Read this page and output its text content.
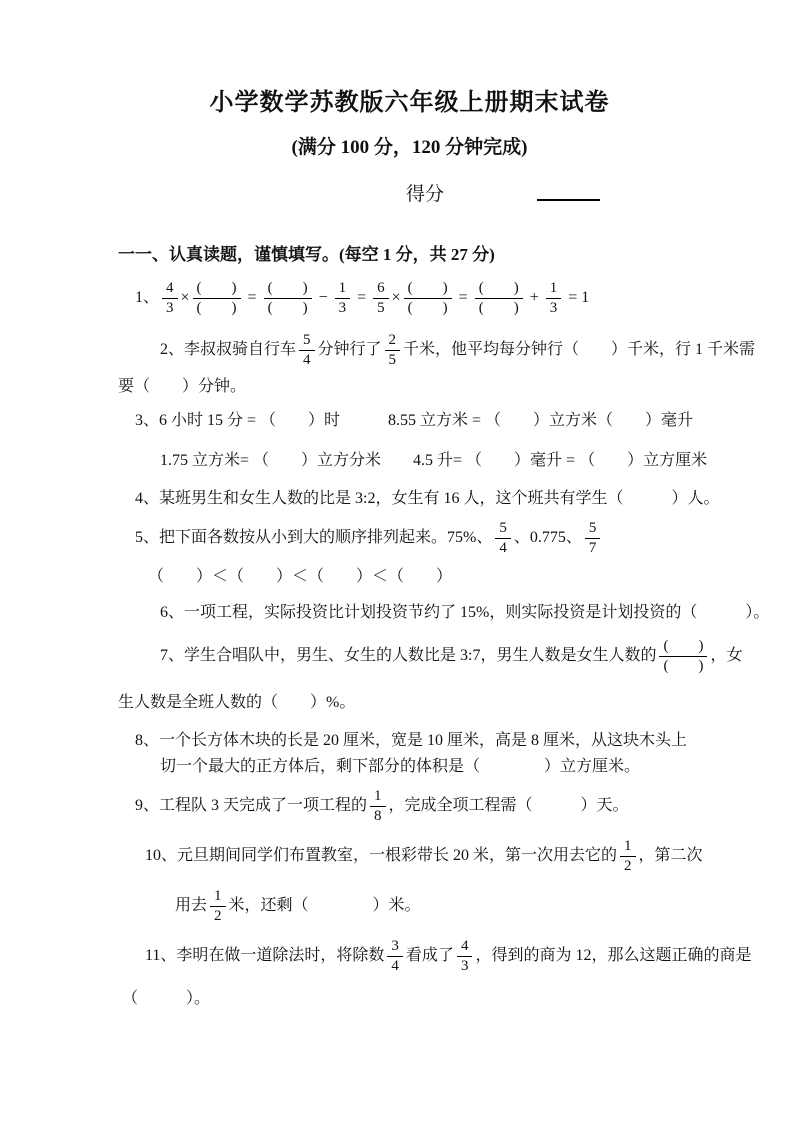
小学数学苏教版六年级上册期末试卷
(满分 100 分，120 分钟完成)
得分
一一、认真读题，谨慎填写。(每空 1 分，共 27 分)
1、 $\frac{4}{3} \times \frac{( )}{( )} = \frac{( )}{( )} - \frac{1}{3} = \frac{6}{5} \times \frac{( )}{( )} = \frac{( )}{( )} + \frac{1}{3} = 1$
2、李叔叔骑自行车 $\frac{5}{4}$ 分钟行了 $\frac{2}{5}$ 千米，他平均每分钟行（　　）千米，行 1 千米需
要（　　）分钟。
3、6 小时 15 分 = （　　）时　　　8.55 立方米 = （　　）立方米（　　）毫升
1.75 立方米= （　　）立方分米　　4.5 升= （　　）毫升 = （　　）立方厘米
4、某班男生和女生人数的比是 3:2，女生有 16 人，这个班共有学生（　　　）人。
5、把下面各数按从小到大的顺序排列起来。75%、 $\frac{5}{4}$ 、0.775、 $\frac{5}{7}$
（　　）＜（　　）＜（　　）＜（　　）
6、一项工程，实际投资比计划投资节约了 15%，则实际投资是计划投资的（　　　）。
7、学生合唱队中，男生、女生的人数比是 3:7，男生人数是女生人数的 $\frac{( )}{( )}$ ，女
生人数是全班人数的（　　）%。
8、一个长方体木块的长是 20 厘米，宽是 10 厘米，高是 8 厘米，从这块木头上
切一个最大的正方体后，剩下部分的体积是（　　　　）立方厘米。
9、工程队 3 天完成了一项工程的 $\frac{1}{8}$ ，完成全项工程需（　　　）天。
10、元旦期间同学们布置教室，一根彩带长 20 米，第一次用去它的 $\frac{1}{2}$ ，第二次
用去 $\frac{1}{2}$ 米，还剩（　　　　）米。
11、李明在做一道除法时，将除数 $\frac{3}{4}$ 看成了 $\frac{4}{3}$ ，得到的商为 12，那么这题正确的商是
（　　　）。
